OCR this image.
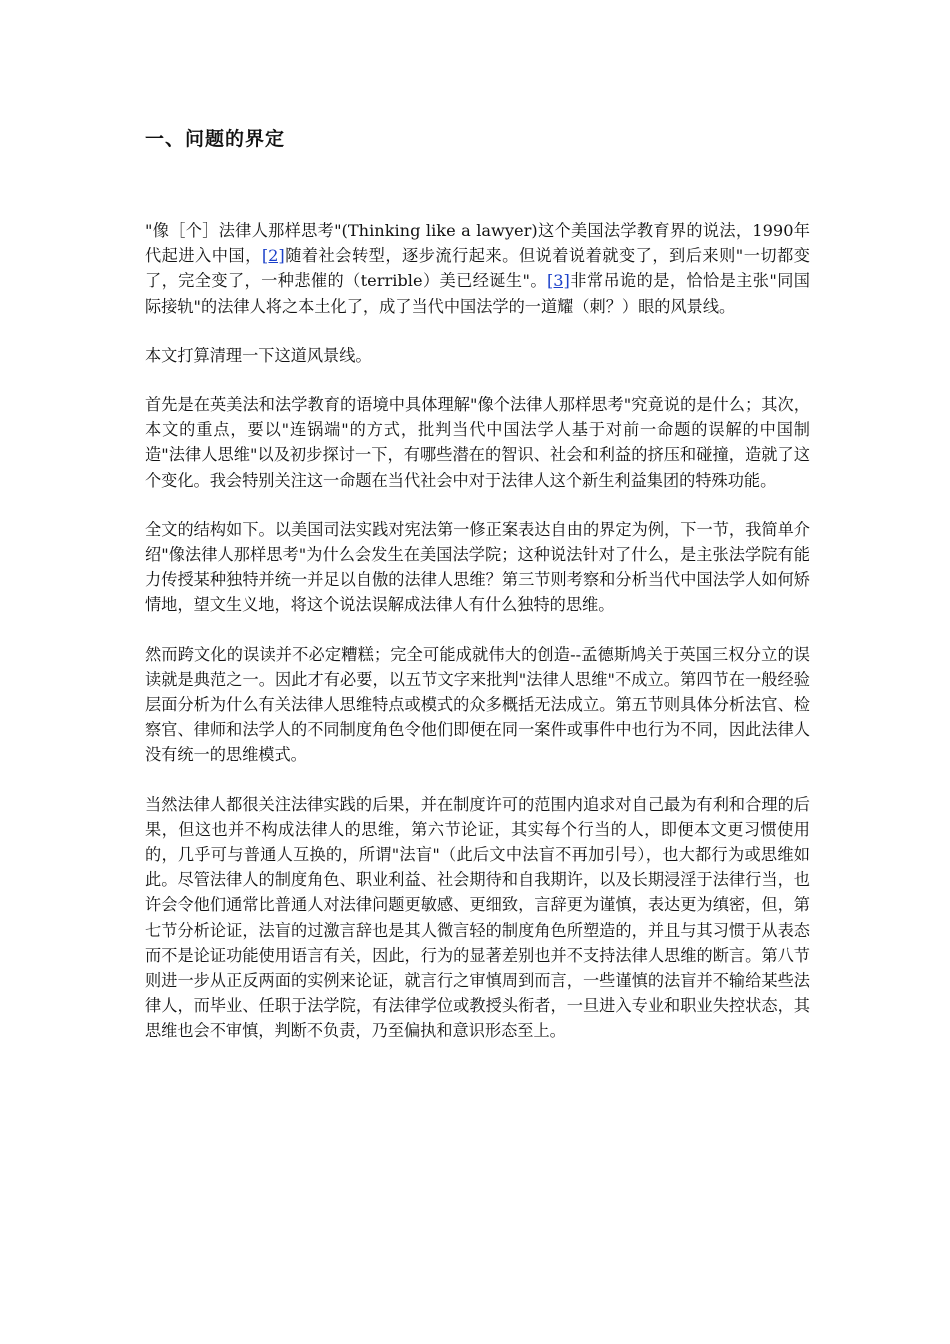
一、问题的界定

"像［个］法律人那样思考"(Thinking like a lawyer)这个美国法学教育界的说法，1990年代起进入中国，[2]随着社会转型，逐步流行起来。但说着说着就变了，到后来则"一切都变了，完全变了，一种悲催的（terrible）美已经诞生"。[3]非常吊诡的是，恰恰是主张"同国际接轨"的法律人将之本土化了，成了当代中国法学的一道耀（刺？）眼的风景线。

本文打算清理一下这道风景线。

首先是在英美法和法学教育的语境中具体理解"像个法律人那样思考"究竟说的是什么；其次，本文的重点，要以"连锅端"的方式，批判当代中国法学人基于对前一命题的误解的中国制造"法律人思维"以及初步探讨一下，有哪些潜在的智识、社会和利益的挤压和碰撞，造就了这个变化。我会特别关注这一命题在当代社会中对于法律人这个新生利益集团的特殊功能。

全文的结构如下。以美国司法实践对宪法第一修正案表达自由的界定为例，下一节，我简单介绍"像法律人那样思考"为什么会发生在美国法学院；这种说法针对了什么，是主张法学院有能力传授某种独特并统一并足以自傲的法律人思维？第三节则考察和分析当代中国法学人如何矫情地，望文生义地，将这个说法误解成法律人有什么独特的思维。

然而跨文化的误读并不必定糟糕；完全可能成就伟大的创造--孟德斯鸠关于英国三权分立的误读就是典范之一。因此才有必要，以五节文字来批判"法律人思维"不成立。第四节在一般经验层面分析为什么有关法律人思维特点或模式的众多概括无法成立。第五节则具体分析法官、检察官、律师和法学人的不同制度角色令他们即便在同一案件或事件中也行为不同，因此法律人没有统一的思维模式。

当然法律人都很关注法律实践的后果，并在制度许可的范围内追求对自己最为有利和合理的后果，但这也并不构成法律人的思维，第六节论证，其实每个行当的人，即便本文更习惯使用的，几乎可与普通人互换的，所谓"法盲"（此后文中法盲不再加引号），也大都行为或思维如此。尽管法律人的制度角色、职业利益、社会期待和自我期许，以及长期浸淫于法律行当，也许会令他们通常比普通人对法律问题更敏感、更细致，言辞更为谨慎，表达更为缜密，但，第七节分析论证，法盲的过激言辞也是其人微言轻的制度角色所塑造的，并且与其习惯于从表态而不是论证功能使用语言有关，因此，行为的显著差别也并不支持法律人思维的断言。第八节则进一步从正反两面的实例来论证，就言行之审慎周到而言，一些谨慎的法盲并不输给某些法律人，而毕业、任职于法学院，有法律学位或教授头衔者，一旦进入专业和职业失控状态，其思维也会不审慎，判断不负责，乃至偏执和意识形态至上。
